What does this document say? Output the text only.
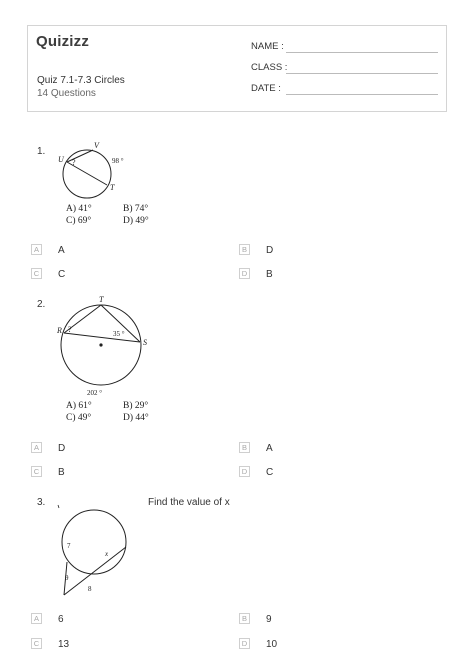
Quizizz
Quiz 7.1-7.3 Circles
14 Questions
NAME :
CLASS :
DATE :
1.
U
V
T
98 °
?
A) 41°	B) 74°
C) 69°	D) 49°
A	A	B	D
C C	D B
2.	T
R
S
35 °
?
202 °
A) 61°	B) 29°
C) 49°	D) 44°
A	D	B	A
C B	D C
3.	Find the value of x
7
x
9
8
A	6	B	9
C 13	D 10
